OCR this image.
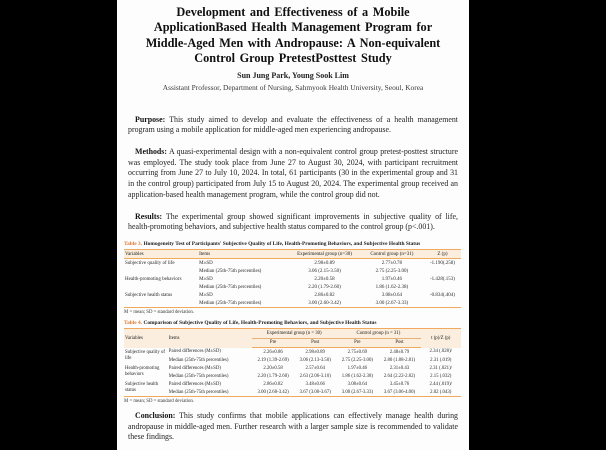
Development and Effectiveness of a Mobile
ApplicationBased Health Management Program for
Middle-Aged Men with Andropause: A Non-equivalent
Control Group PretestPosttest Study
Sun Jung Park, Young Sook Lim
Assistant Professor, Department of Nursing, Sahmyook Health University, Seoul, Korea

Purpose: This study aimed to develop and evaluate the effectiveness of a health management program using a mobile application for middle-aged men experiencing andropause.

Methods: A quasi-experimental design with a non-equivalent control group pretest-posttest structure was employed. The study took place from June 27 to August 30, 2024, with participant recruitment occurring from June 27 to July 10, 2024. In total, 61 participants (30 in the experimental group and 31 in the control group) participated from July 15 to August 20, 2024. The experimental group received an application-based health management program, while the control group did not.

Results: The experimental group showed significant improvements in subjective quality of life, health-promoting behaviors, and subjective health status compared to the control group (p<.001).

Table 3. Homogeneity Test of Participants' Subjective Quality of Life, Health-Promoting Behaviors, and Subjective Health Status
Variables	Items	Experimental group (n=30)	Control group (n=31)	Z (p)
Subjective quality of life	M±SD	2.98±0.89	2.77±0.78	-1.190(.258)
	Median (25th-75th percentiles)	3.06 (2.15-3.50)	2.75 (2.25-3.00)	
Health-promoting behaviors	M±SD	2.20±0.58	1.97±0.46	-1.428(.153)
	Median (25th-75th percentiles)	2.20 (1.79-2.60)	1.86 (1.62-2.38)	
Subjective health status	M±SD	2.86±0.82	3.08±0.64	-0.834(.404)
	Median (25th-75th percentiles)	3.00 (2.60-3.42)	3.00 (2.67-3.33)	
M = mean; SD = standard deviation.
Table 4. Comparison of Subjective Quality of Life, Health-Promoting Behaviors, and Subjective Health Status
Variables	Items	Experimental group (n = 30)		Control group (n = 31)		t (p)/Z (p)
		Pre	Post	Pre	Post	
Subjective quality of life	Paired differences (M±SD)	2.26±0.86	2.98±0.89	2.75±0.69	2.48±0.79	2.34 (.028)/
	Median (25th-75th percentiles)	2.19 (1.39-2.69)	3.06 (2.13-3.50)	2.75 (2.25-3.00)	2.80 (1.88-2.81)	2.31 (.019)
Health-promoting behaviors	Paired differences (M±SD)	2.20±0.58	2.57±0.64	1.97±0.46	2.31±0.43	2.31 (.021)/
	Median (25th-75th percentiles)	2.20 (1.79-2.60)	2.63 (2.06-3.10)	1.86 (1.62-2.38)	2.64 (2.22-2.82)	2.15 (.032)
Subjective health status	Paired differences (M±SD)	2.86±0.82	3.48±0.66	3.08±0.64	3.45±0.76	2.44 (.019)/
	Median (25th-75th percentiles)	3.00 (2.60-3.42)	3.67 (3.00-3.67)	3.00 (2.67-3.33)	3.67 (3.06-4.00)	2.02 (.043)
M = mean; SD = standard deviation.

Conclusion: This study confirms that mobile applications can effectively manage health during andropause in middle-aged men. Further research with a larger sample size is recommended to validate these findings.
